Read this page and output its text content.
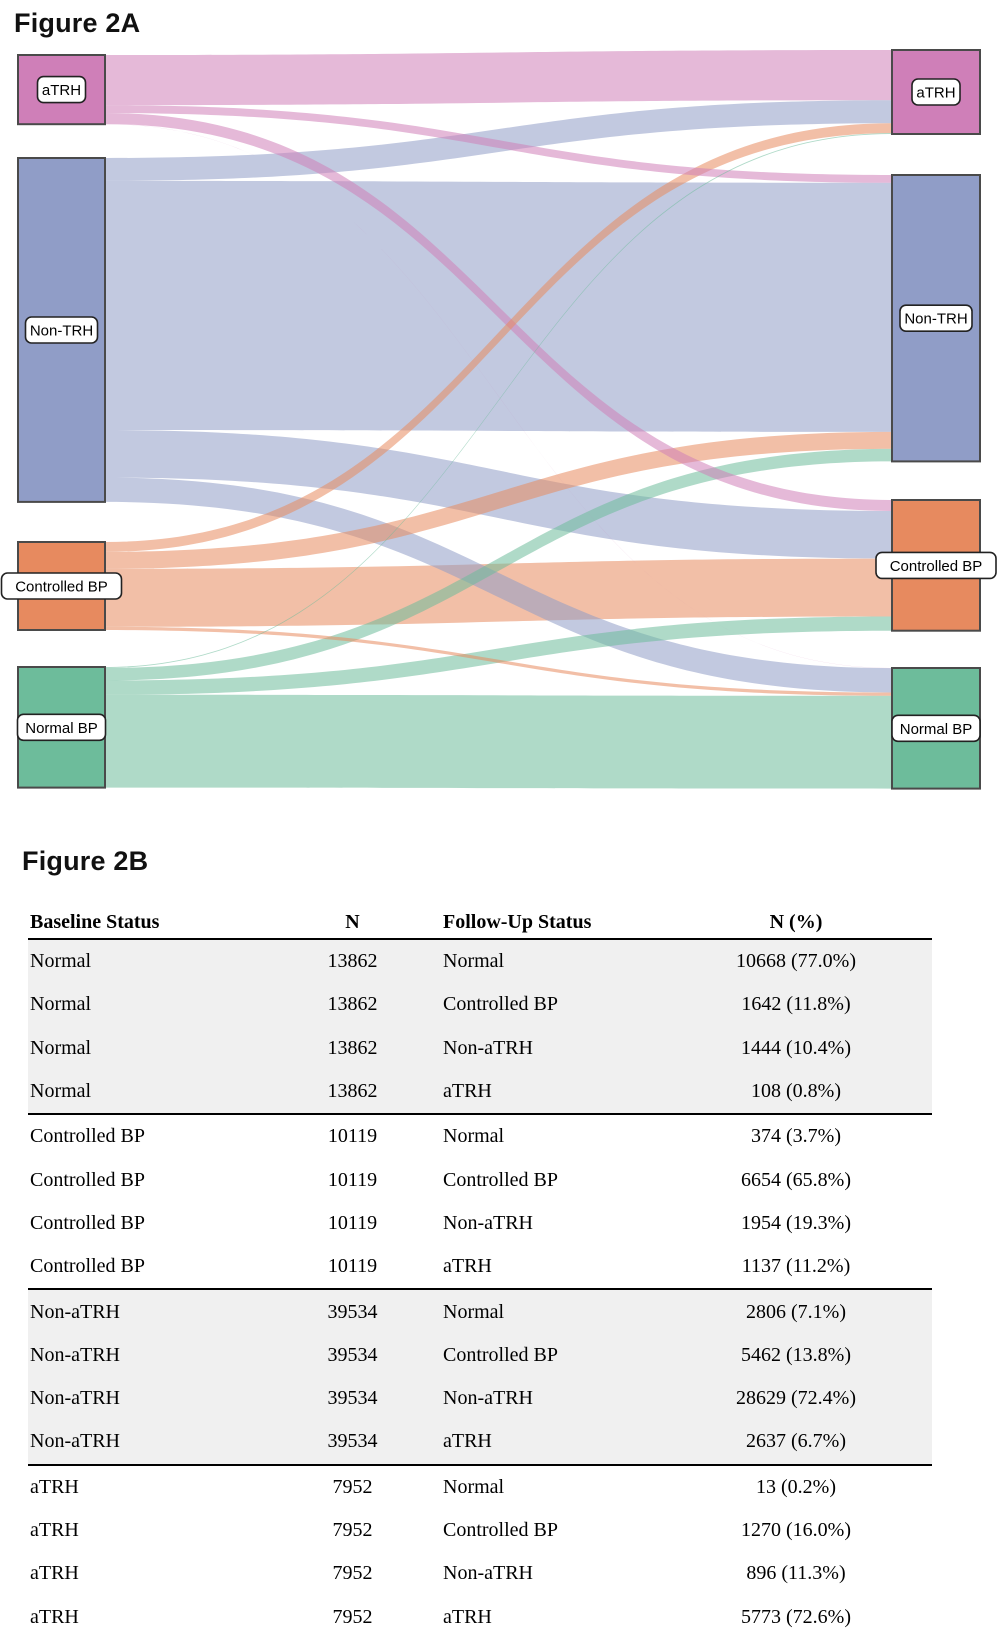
Figure 2A
aTRH	aTRH
Non-TRH
Non-TRH
Controlled BP
Controlled BP
Normal BP	Normal BP
Figure 2B
Baseline Status	N	Follow-Up Status	N (%)
Normal	13862	Normal	10668 (77.0%)
Normal	13862	Controlled BP	1642 (11.8%)
Normal	13862	Non-aTRH	1444 (10.4%)
Normal	13862	aTRH	108 (0.8%)
Controlled BP	10119	Normal	374 (3.7%)
Controlled BP	10119	Controlled BP	6654 (65.8%)
Controlled BP	10119	Non-aTRH	1954 (19.3%)
Controlled BP	10119	aTRH	1137 (11.2%)
Non-aTRH	39534	Normal	2806 (7.1%)
Non-aTRH	39534	Controlled BP	5462 (13.8%)
Non-aTRH	39534	Non-aTRH	28629 (72.4%)
Non-aTRH	39534	aTRH	2637 (6.7%)
aTRH	7952	Normal	13 (0.2%)
aTRH	7952	Controlled BP	1270 (16.0%)
aTRH	7952	Non-aTRH	896 (11.3%)
aTRH	7952	aTRH	5773 (72.6%)
